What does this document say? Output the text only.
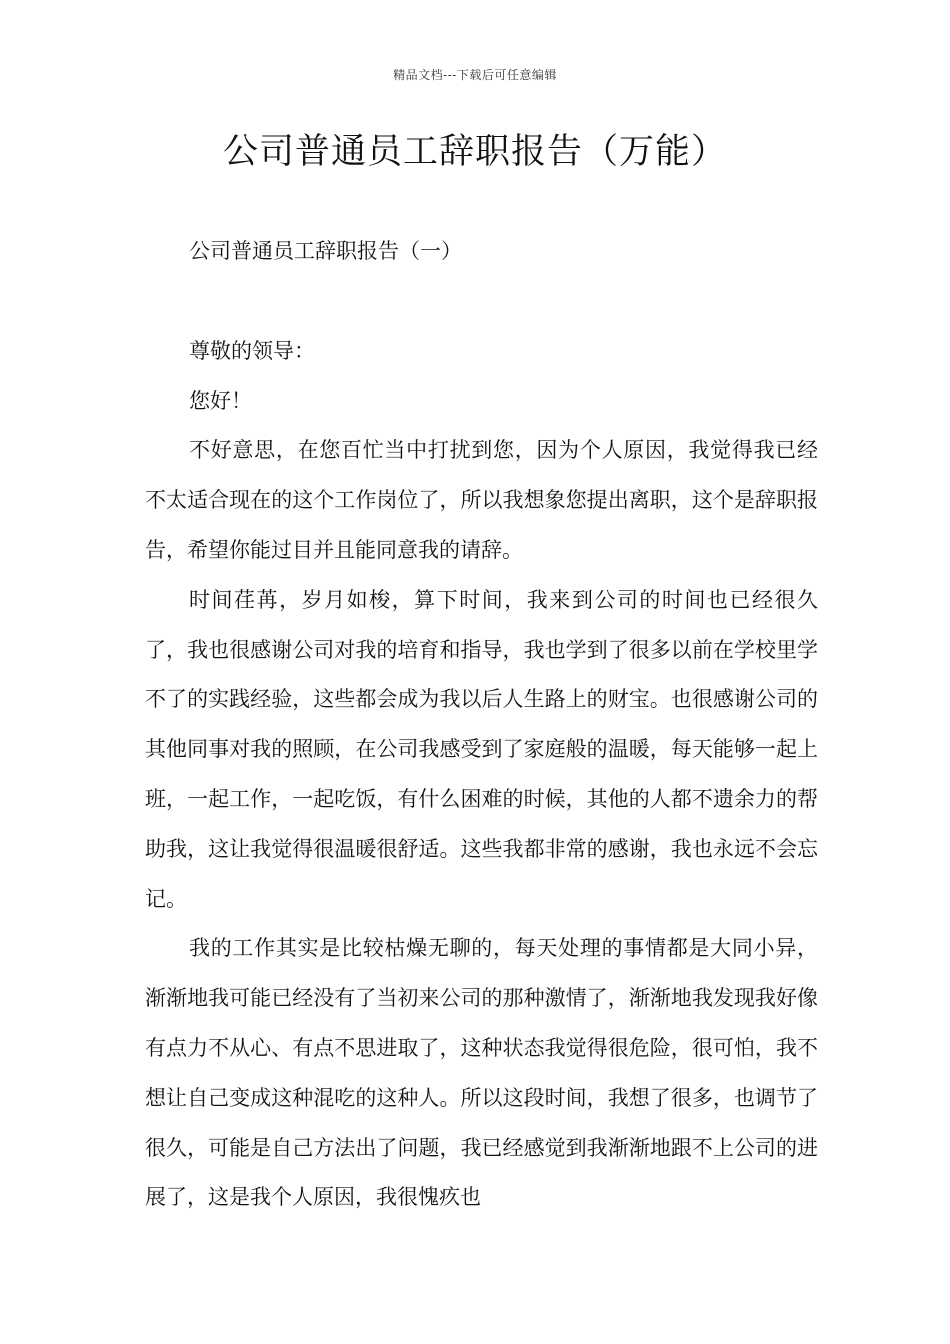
精品文档---下载后可任意编辑
公司普通员工辞职报告（万能）

公司普通员工辞职报告（一）

尊敬的领导：

您好！

不好意思，在您百忙当中打扰到您，因为个人原因，我觉得我已经不太适合现在的这个工作岗位了，所以我想象您提出离职，这个是辞职报告，希望你能过目并且能同意我的请辞。

时间荏苒，岁月如梭，算下时间，我来到公司的时间也已经很久了，我也很感谢公司对我的培育和指导，我也学到了很多以前在学校里学不了的实践经验，这些都会成为我以后人生路上的财宝。也很感谢公司的其他同事对我的照顾，在公司我感受到了家庭般的温暖，每天能够一起上班，一起工作，一起吃饭，有什么困难的时候，其他的人都不遗余力的帮助我，这让我觉得很温暖很舒适。这些我都非常的感谢，我也永远不会忘记。

我的工作其实是比较枯燥无聊的，每天处理的事情都是大同小异，渐渐地我可能已经没有了当初来公司的那种激情了，渐渐地我发现我好像有点力不从心、有点不思进取了，这种状态我觉得很危险，很可怕，我不想让自己变成这种混吃的这种人。所以这段时间，我想了很多，也调节了很久，可能是自己方法出了问题，我已经感觉到我渐渐地跟不上公司的进展了，这是我个人原因，我很愧疚也
